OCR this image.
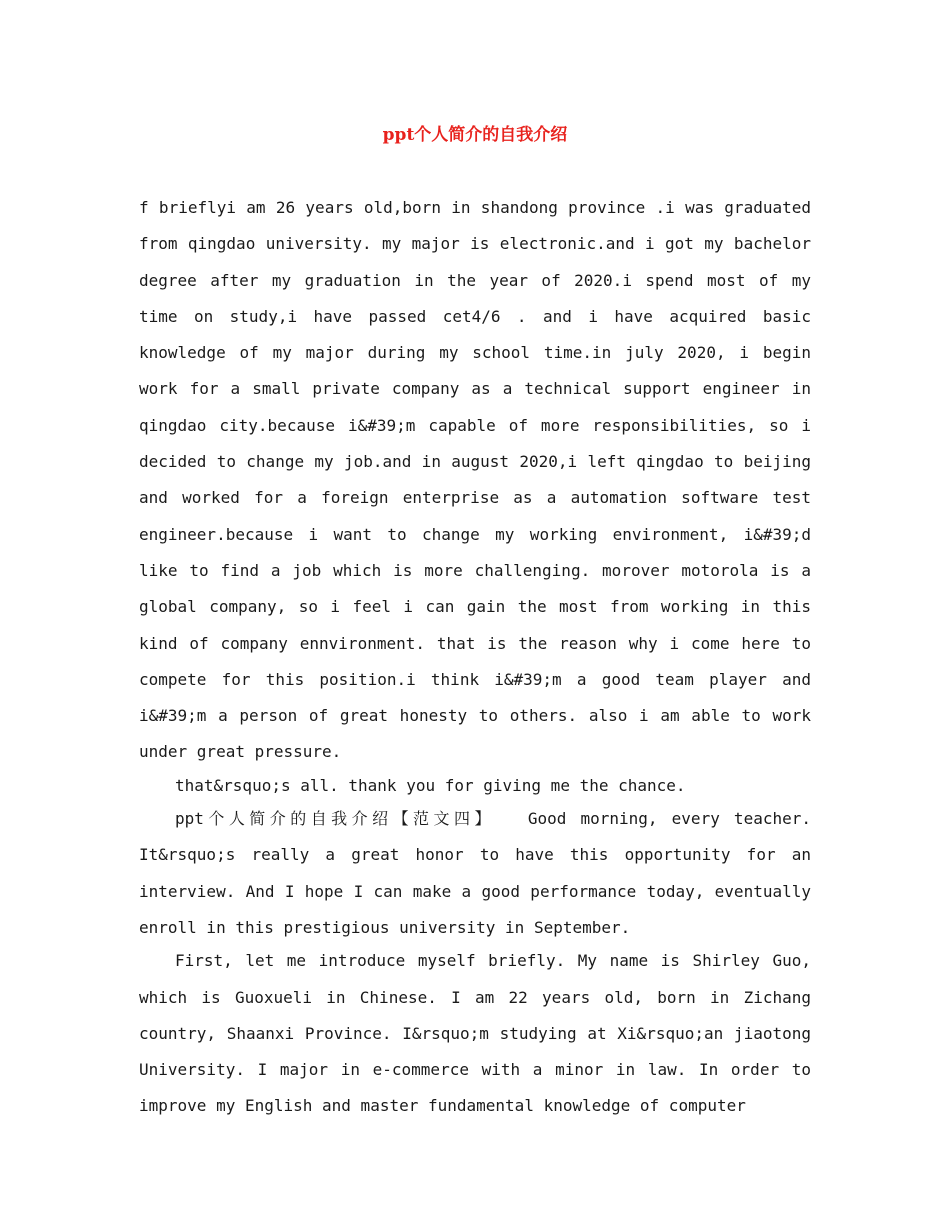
ppt个人简介的自我介绍

f brieflyi am 26 years old,born in shandong province .i was graduated from qingdao university. my major is electronic.and i got my bachelor degree after my graduation in the year of 2020.i spend most of my time on study,i have passed cet4/6 . and i have acquired basic knowledge of my major during my school time.in july 2020, i begin work for a small private company as a technical support engineer in qingdao city.because i&#39;m capable of more responsibilities, so i decided to change my job.and in august 2020,i left qingdao to beijing and worked for a foreign enterprise as a automation software test engineer.because i want to change my working environment, i&#39;d like to find a job which is more challenging. morover motorola is a global company, so i feel i can gain the most from working in this kind of company ennvironment. that is the reason why i come here to compete for this position.i think i&#39;m a good team player and i&#39;m a person of great honesty to others. also i am able to work under great pressure.

that&rsquo;s all. thank you for giving me the chance.

ppt个人简介的自我介绍【范文四】　　Good morning, every teacher. It&rsquo;s really a great honor to have this opportunity for an interview. And I hope I can make a good performance today, eventually enroll in this prestigious university in September.

First, let me introduce myself briefly. My name is Shirley Guo, which is Guoxueli in Chinese. I am 22 years old, born in Zichang country, Shaanxi Province. I&rsquo;m studying at Xi&rsquo;an jiaotong University. I major in e-commerce with a minor in law. In order to improve my English and master fundamental knowledge of computer
